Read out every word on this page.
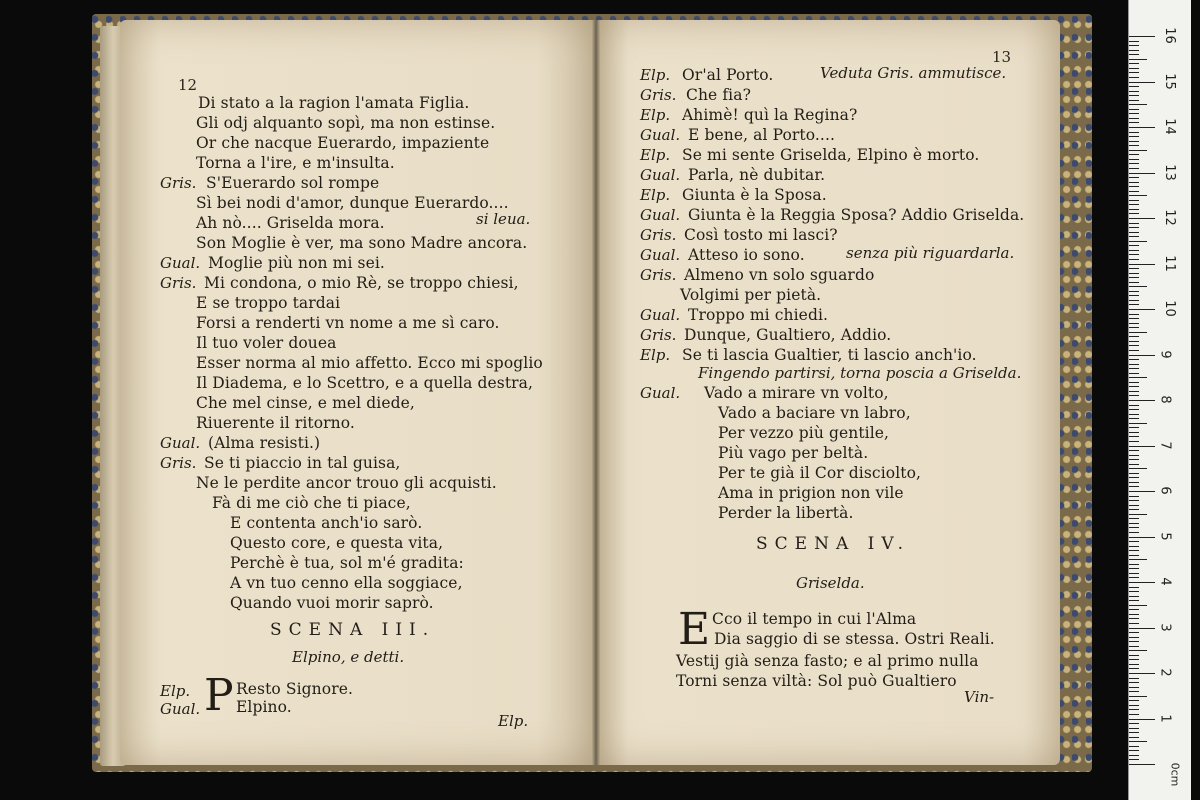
12
Di stato a la ragion l'amata Figlia.
Gli odj alquanto sopì, ma non estinse.
Or che nacque Euerardo, impaziente
Torna a l'ire, e m'insulta.
Gris. S'Euerardo sol rompe
Sì bei nodi d'amor, dunque Euerardo....
Ah nò.... Griselda mora.	si leua.
Son Moglie è ver, ma sono Madre ancora.
Gual. Moglie più non mi sei.
Gris. Mi condona, o mio Rè, se troppo chiesi,
E se troppo tardai
Forsi a renderti vn nome a me sì caro.
Il tuo voler douea
Esser norma al mio affetto. Ecco mi spoglio
Il Diadema, e lo Scettro, e a quella destra,
Che mel cinse, e mel diede,
Riuerente il ritorno.
Gual. (Alma resisti.)
Gris. Se ti piaccio in tal guisa,
Ne le perdite ancor trouo gli acquisti.
Fà di me ciò che ti piace,
E contenta anch'io sarò.
Questo core, e questa vita,
Perchè è tua, sol m'é gradita:
A vn tuo cenno ella soggiace,
Quando vuoi morir saprò.
SCENA III.
Elpino, e detti.
Elp.
Gual. P Resto Signore.
Elpino.
Elp.
13
Elp. Or'al Porto.	Veduta Gris. ammutisce.
Gris. Che fia?
Elp. Ahimè! quì la Regina?
Gual. E bene, al Porto....
Elp. Se mi sente Griselda, Elpino è morto.
Gual. Parla, nè dubitar.
Elp. Giunta è la Sposa.
Gual. Giunta è la Reggia Sposa? Addio Griselda.
Gris. Così tosto mi lasci?
Gual. Atteso io sono.	senza più riguardarla.
Gris. Almeno vn solo sguardo
Volgimi per pietà.
Gual. Troppo mi chiedi.
Gris. Dunque, Gualtiero, Addio.
Elp. Se ti lascia Gualtier, ti lascio anch'io.
Fingendo partirsi, torna poscia a Griselda.
Gual. Vado a mirare vn volto,
Vado a baciare vn labro,
Per vezzo più gentile,
Più vago per beltà.
Per te già il Cor disciolto,
Ama in prigion non vile
Perder la libertà.
SCENA IV.
Griselda.
E Cco il tempo in cui l'Alma
Dia saggio di se stessa. Ostri Reali.
Vestij già senza fasto; e al primo nulla
Torni senza viltà: Sol può Gualtiero
Vin-
16
15
14
13
12
11
10
9
8
7
6
5
4
3
2
1
0cm
